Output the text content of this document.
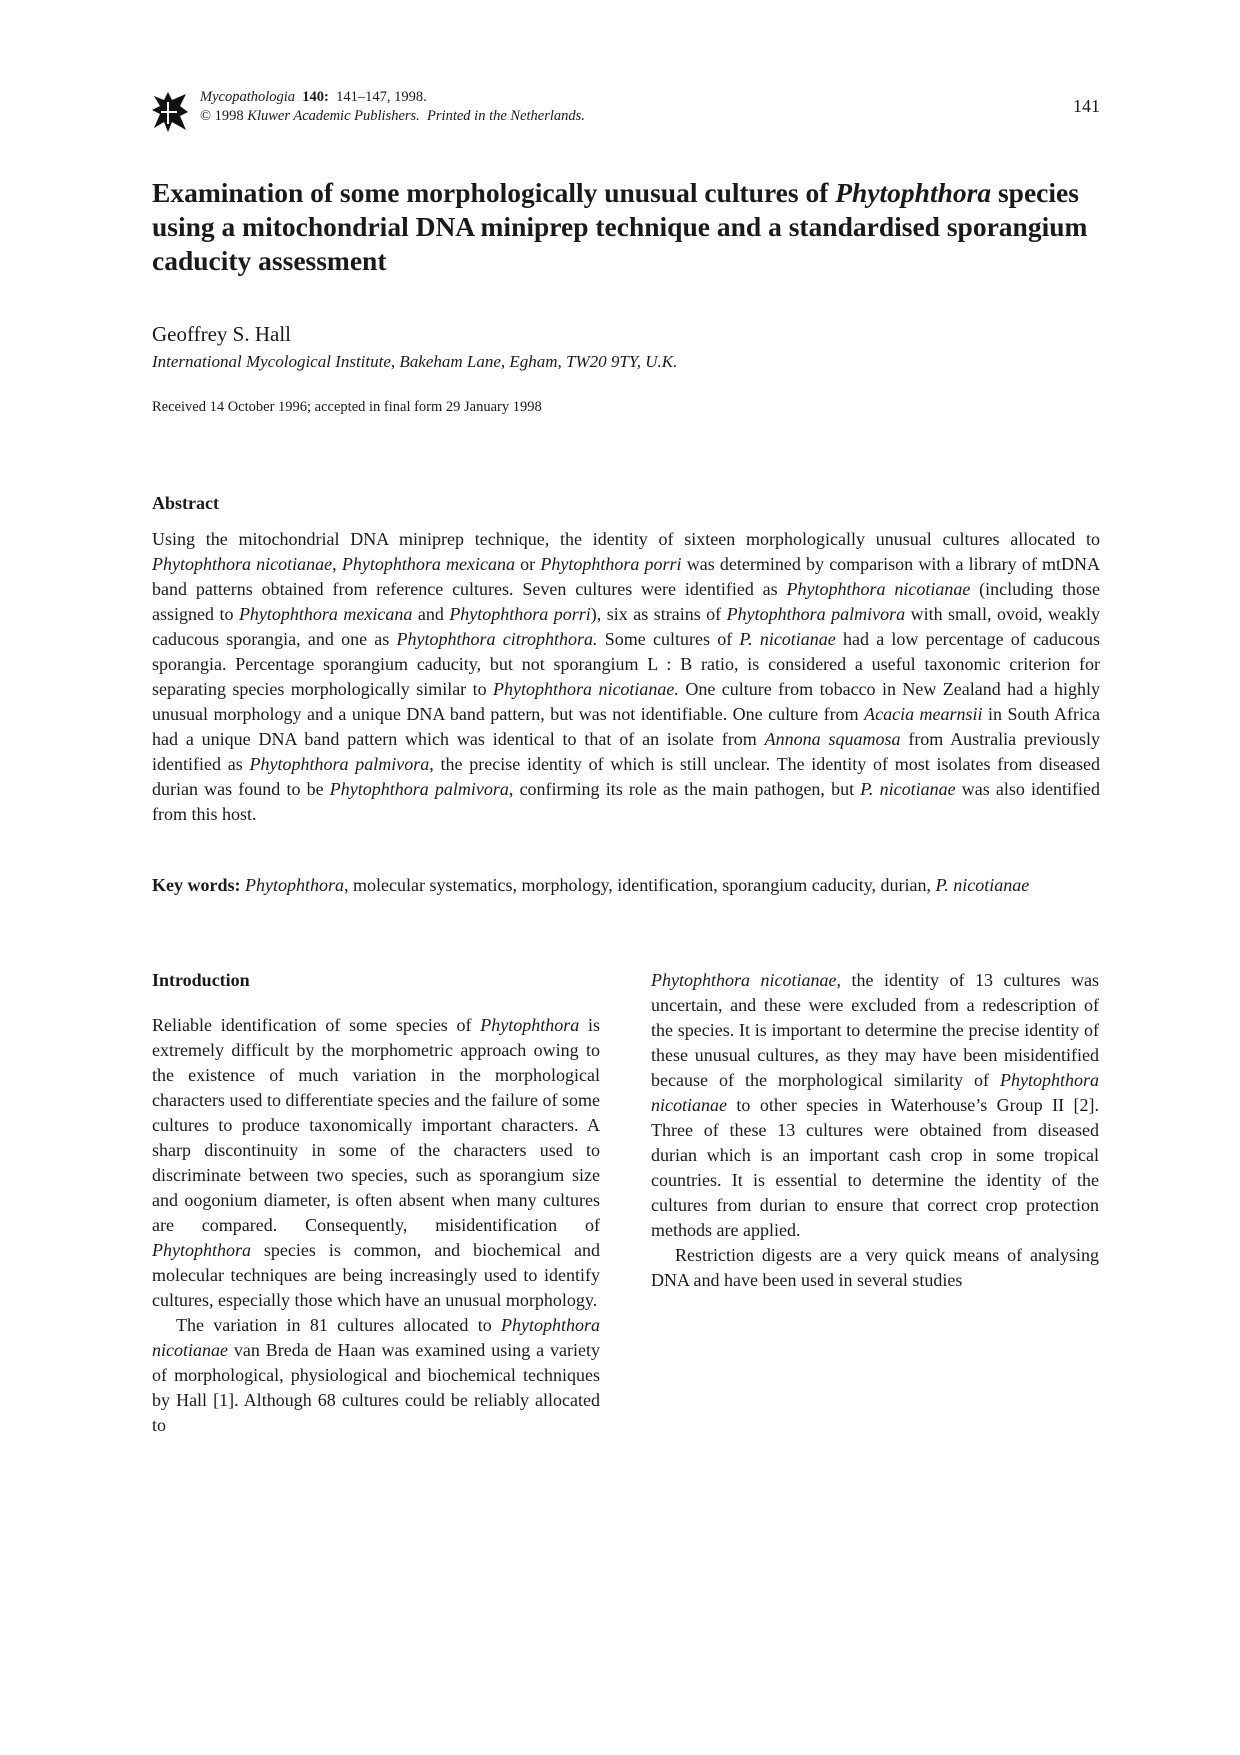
Mycopathologia 140: 141–147, 1998.
© 1998 Kluwer Academic Publishers. Printed in the Netherlands.	141
Examination of some morphologically unusual cultures of Phytophthora species using a mitochondrial DNA miniprep technique and a standardised sporangium caducity assessment
Geoffrey S. Hall
International Mycological Institute, Bakeham Lane, Egham, TW20 9TY, U.K.
Received 14 October 1996; accepted in final form 29 January 1998
Abstract

Using the mitochondrial DNA miniprep technique, the identity of sixteen morphologically unusual cultures allocated to Phytophthora nicotianae, Phytophthora mexicana or Phytophthora porri was determined by comparison with a library of mtDNA band patterns obtained from reference cultures. Seven cultures were identified as Phytophthora nicotianae (including those assigned to Phytophthora mexicana and Phytophthora porri), six as strains of Phytophthora palmivora with small, ovoid, weakly caducous sporangia, and one as Phytophthora citrophthora. Some cultures of P. nicotianae had a low percentage of caducous sporangia. Percentage sporangium caducity, but not sporangium L : B ratio, is considered a useful taxonomic criterion for separating species morphologically similar to Phytophthora nicotianae. One culture from tobacco in New Zealand had a highly unusual morphology and a unique DNA band pattern, but was not identifiable. One culture from Acacia mearnsii in South Africa had a unique DNA band pattern which was identical to that of an isolate from Annona squamosa from Australia previously identified as Phytophthora palmivora, the precise identity of which is still unclear. The identity of most isolates from diseased durian was found to be Phytophthora palmivora, confirming its role as the main pathogen, but P. nicotianae was also identified from this host.

Key words: Phytophthora, molecular systematics, morphology, identification, sporangium caducity, durian, P. nicotianae

Introduction

Reliable identification of some species of Phytophthora is extremely difficult by the morphometric approach owing to the existence of much variation in the morphological characters used to differentiate species and the failure of some cultures to produce taxonomically important characters. A sharp discontinuity in some of the characters used to discriminate between two species, such as sporangium size and oogonium diameter, is often absent when many cultures are compared. Consequently, misidentification of Phytophthora species is common, and biochemical and molecular techniques are being increasingly used to identify cultures, especially those which have an unusual morphology.

The variation in 81 cultures allocated to Phytophthora nicotianae van Breda de Haan was examined using a variety of morphological, physiological and biochemical techniques by Hall [1]. Although 68 cultures could be reliably allocated to

Phytophthora nicotianae, the identity of 13 cultures was uncertain, and these were excluded from a redescription of the species. It is important to determine the precise identity of these unusual cultures, as they may have been misidentified because of the morphological similarity of Phytophthora nicotianae to other species in Waterhouse’s Group II [2]. Three of these 13 cultures were obtained from diseased durian which is an important cash crop in some tropical countries. It is essential to determine the identity of the cultures from durian to ensure that correct crop protection methods are applied.

Restriction digests are a very quick means of analysing DNA and have been used in several studies
